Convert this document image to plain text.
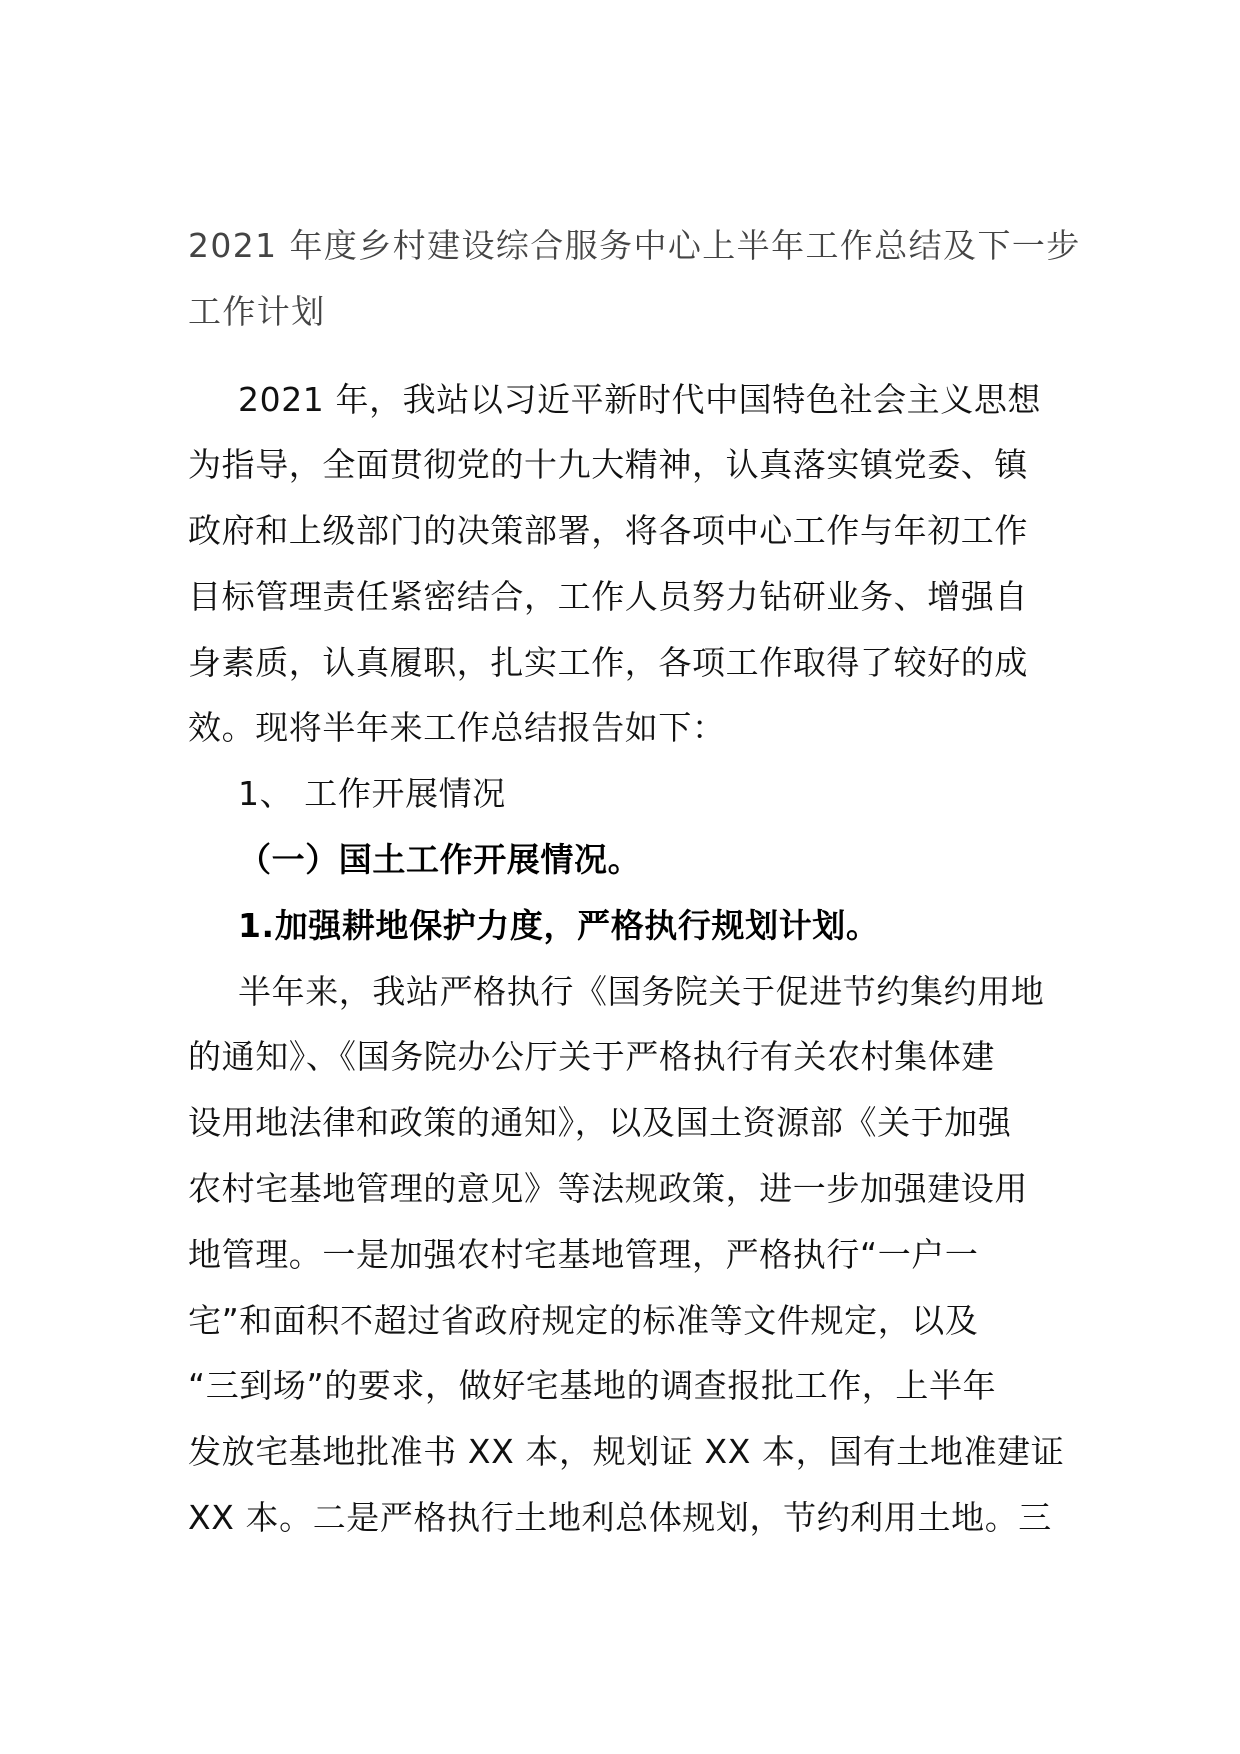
2021 年度乡村建设综合服务中心上半年工作总结及下一步
工作计划
2021 年，我站以习近平新时代中国特色社会主义思想
为指导，全面贯彻党的十九大精神，认真落实镇党委、镇
政府和上级部门的决策部署，将各项中心工作与年初工作
目标管理责任紧密结合，工作人员努力钻研业务、增强自
身素质，认真履职，扎实工作，各项工作取得了较好的成
效。现将半年来工作总结报告如下：
1、 工作开展情况
（一）国土工作开展情况。
1.加强耕地保护力度，严格执行规划计划。
半年来，我站严格执行《国务院关于促进节约集约用地
的通知》、《国务院办公厅关于严格执行有关农村集体建
设用地法律和政策的通知》，以及国土资源部《关于加强
农村宅基地管理的意见》等法规政策，进一步加强建设用
地管理。一是加强农村宅基地管理，严格执行“一户一
宅”和面积不超过省政府规定的标准等文件规定，以及
“三到场”的要求，做好宅基地的调查报批工作，上半年
发放宅基地批准书 XX 本，规划证 XX 本，国有土地准建证
XX 本。二是严格执行土地利总体规划，节约利用土地。三
